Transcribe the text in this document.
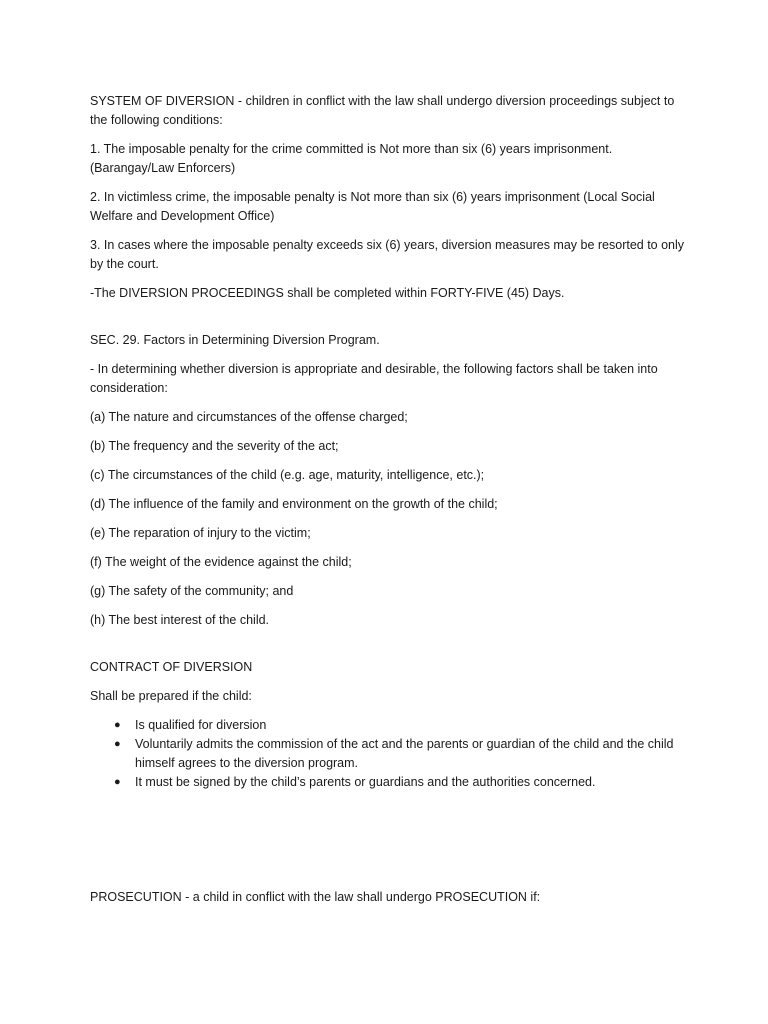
SYSTEM OF DIVERSION - children in conflict with the law shall undergo diversion proceedings subject to the following conditions:

1. The imposable penalty for the crime committed is Not more than six (6) years imprisonment. (Barangay/Law Enforcers)

2. In victimless crime, the imposable penalty is Not more than six (6) years imprisonment (Local Social Welfare and Development Office)

3. In cases where the imposable penalty exceeds six (6) years, diversion measures may be resorted to only by the court.

-The DIVERSION PROCEEDINGS shall be completed within FORTY-FIVE (45) Days.

SEC. 29. Factors in Determining Diversion Program.

- In determining whether diversion is appropriate and desirable, the following factors shall be taken into consideration:

(a) The nature and circumstances of the offense charged;

(b) The frequency and the severity of the act;

(c) The circumstances of the child (e.g. age, maturity, intelligence, etc.);

(d) The influence of the family and environment on the growth of the child;

(e) The reparation of injury to the victim;

(f) The weight of the evidence against the child;

(g) The safety of the community; and

(h) The best interest of the child.

CONTRACT OF DIVERSION

Shall be prepared if the child:

● Is qualified for diversion
● Voluntarily admits the commission of the act and the parents or guardian of the child and the child himself agrees to the diversion program.
● It must be signed by the child’s parents or guardians and the authorities concerned.

PROSECUTION - a child in conflict with the law shall undergo PROSECUTION if:
